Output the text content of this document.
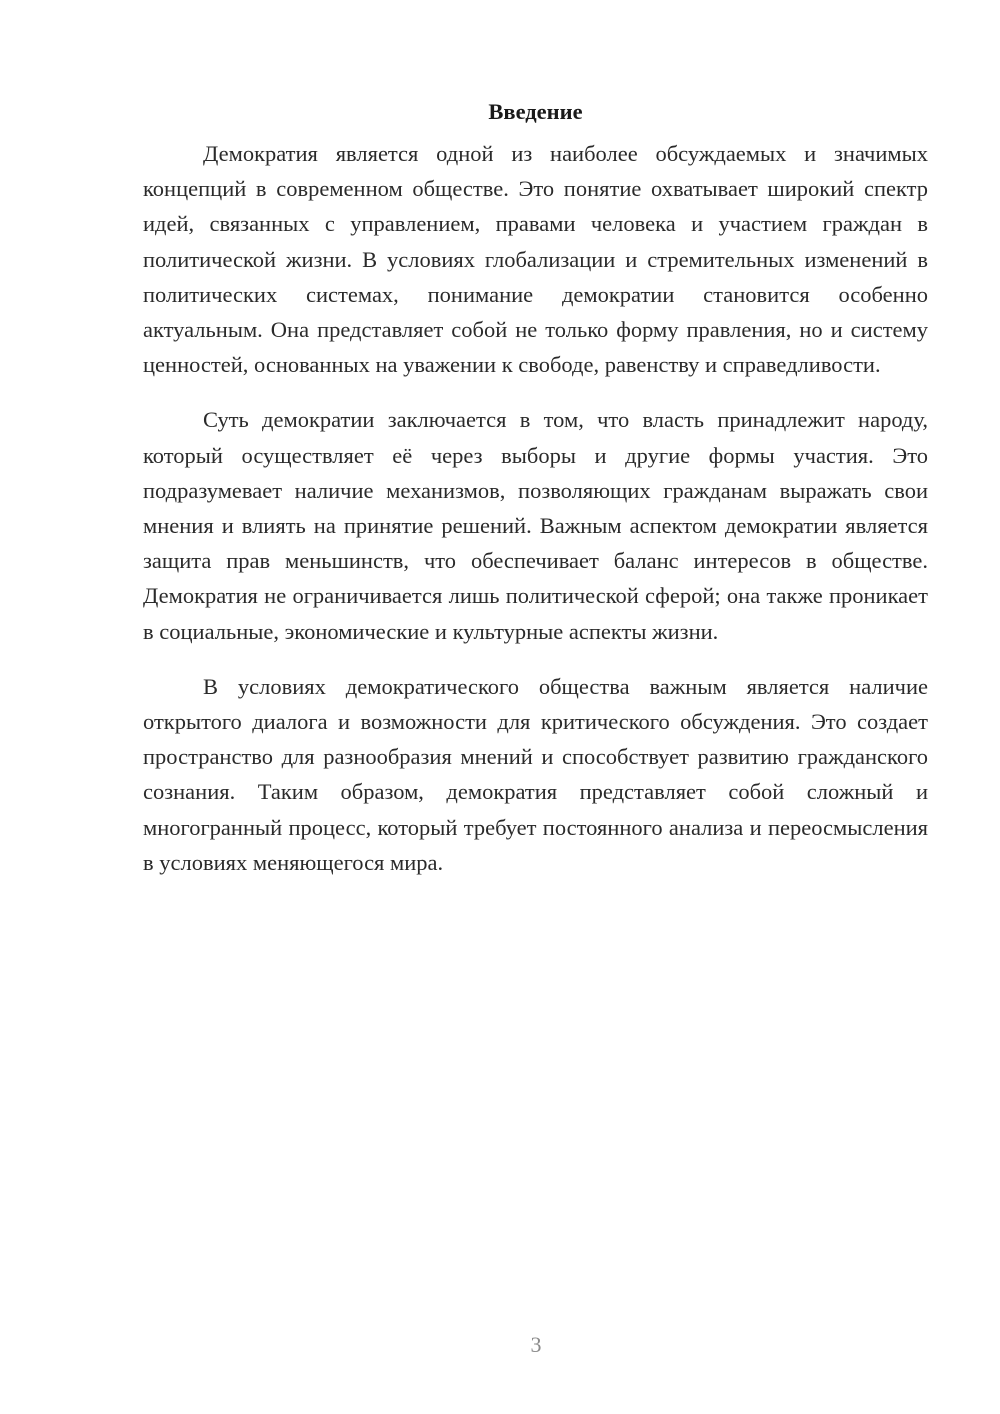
Введение

Демократия является одной из наиболее обсуждаемых и значимых концепций в современном обществе. Это понятие охватывает широкий спектр идей, связанных с управлением, правами человека и участием граждан в политической жизни. В условиях глобализации и стремительных изменений в политических системах, понимание демократии становится особенно актуальным. Она представляет собой не только форму правления, но и систему ценностей, основанных на уважении к свободе, равенству и справедливости.

Суть демократии заключается в том, что власть принадлежит народу, который осуществляет её через выборы и другие формы участия. Это подразумевает наличие механизмов, позволяющих гражданам выражать свои мнения и влиять на принятие решений. Важным аспектом демократии является защита прав меньшинств, что обеспечивает баланс интересов в обществе. Демократия не ограничивается лишь политической сферой; она также проникает в социальные, экономические и культурные аспекты жизни.

В условиях демократического общества важным является наличие открытого диалога и возможности для критического обсуждения. Это создает пространство для разнообразия мнений и способствует развитию гражданского сознания. Таким образом, демократия представляет собой сложный и многогранный процесс, который требует постоянного анализа и переосмысления в условиях меняющегося мира.

3
